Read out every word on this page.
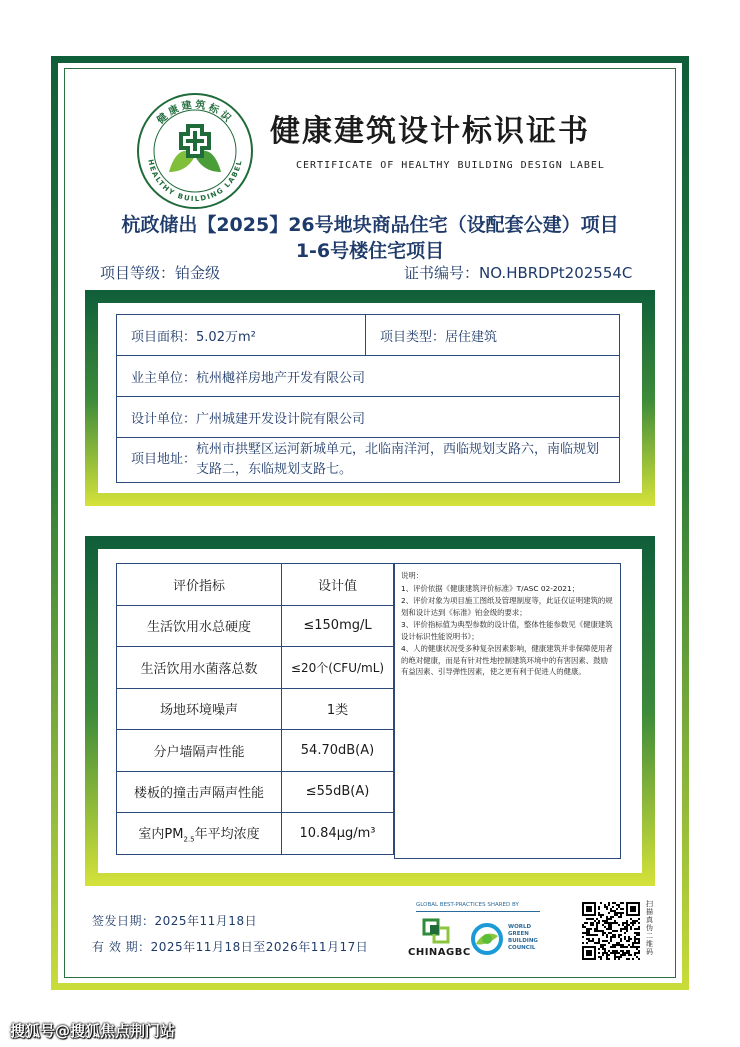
健康建筑标识
HEALTHY BUILDING LABEL
健康建筑设计标识证书
CERTIFICATE OF HEALTHY BUILDING DESIGN LABEL
杭政储出【2025】26号地块商品住宅（设配套公建）项目
1-6号楼住宅项目
项目等级：铂金级	证书编号：NO.HBRDPt202554C
项目面积：5.02万m²	项目类型：居住建筑
业主单位：杭州樾祥房地产开发有限公司
设计单位：广州城建开发设计院有限公司

项目地址：
杭州市拱墅区运河新城单元，北临南洋河，西临规划支路六，南临规划支路二，东临规划支路七。
评价指标	设计值
生活饮用水总硬度	≤150mg/L
生活饮用水菌落总数	≤20个(CFU/mL)
场地环境噪声	1类
分户墙隔声性能	54.70dB(A)
楼板的撞击声隔声性能	≤55dB(A)
室内$PM_{2.5}$年平均浓度	10.84μg/m³

说明：

1、评价依据《健康建筑评价标准》T/ASC 02-2021；

2、评价对象为项目施工图纸及管理制度等，此证仅证明建筑的规划和设计达到《标准》铂金级的要求；

3、评价指标值为典型参数的设计值，整体性能参数见《健康建筑设计标识性能说明书》；

4、人的健康状况受多种复杂因素影响，健康建筑并非保障使用者的绝对健康，而是有针对性地控制建筑环境中的有害因素、鼓励有益因素、引导弹性因素，使之更有利于促进人的健康。

签发日期：2025年11月18日
有 效 期：2025年11月18日至2026年11月17日
GLOBAL BEST-PRACTICES SHARED BY
CHINAGBC
WORLD
GREEN
BUILDING
COUNCIL
扫描真伪二维码
搜狐号@搜狐焦点荆门站
